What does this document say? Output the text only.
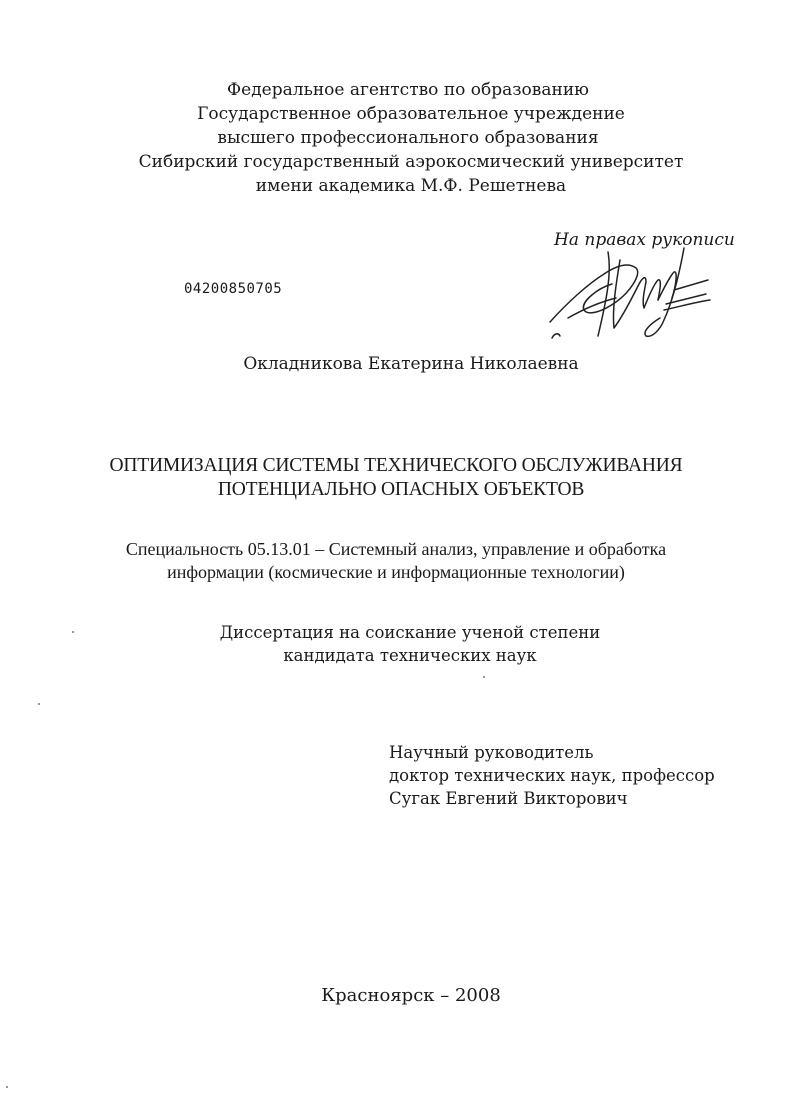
Федеральное агентство по образованию
Государственное образовательное учреждение
высшего профессионального образования
Сибирский государственный аэрокосмический университет
имени академика М.Ф. Решетнева
На правах рукописи
04200850705
Окладникова Екатерина Николаевна
ОПТИМИЗАЦИЯ СИСТЕМЫ ТЕХНИЧЕСКОГО ОБСЛУЖИВАНИЯ
ПОТЕНЦИАЛЬНО ОПАСНЫХ ОБЪЕКТОВ
Специальность 05.13.01 – Системный анализ, управление и обработка
информации (космические и информационные технологии)
Диссертация на соискание ученой степени
кандидата технических наук
Научный руководитель
доктор технических наук, профессор
Сугак Евгений Викторович
Красноярск – 2008
